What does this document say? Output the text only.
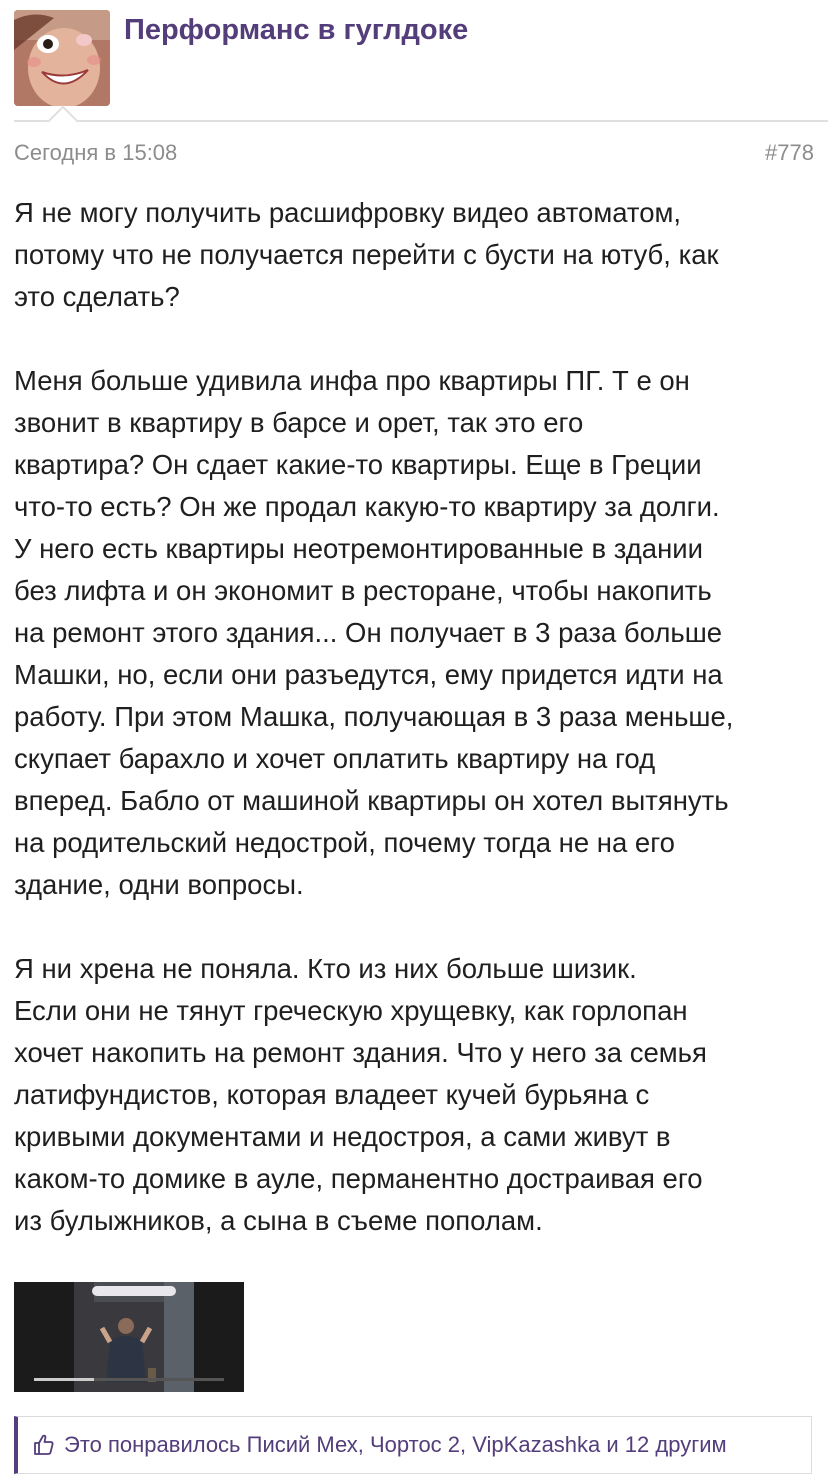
Перформанс в гуглдоке
Сегодня в 15:08	#778

Я не могу получить расшифровку видео автоматом,
потому что не получается перейти с бусти на ютуб, как
это сделать?

Меня больше удивила инфа про квартиры ПГ. Т е он
звонит в квартиру в барсе и орет, так это его
квартира? Он сдает какие-то квартиры. Еще в Греции
что-то есть? Он же продал какую-то квартиру за долги.
У него есть квартиры неотремонтированные в здании
без лифта и он экономит в ресторане, чтобы накопить
на ремонт этого здания... Он получает в 3 раза больше
Машки, но, если они разъедутся, ему придется идти на
работу. При этом Машка, получающая в 3 раза меньше,
скупает барахло и хочет оплатить квартиру на год
вперед. Бабло от машиной квартиры он хотел вытянуть
на родительский недострой, почему тогда не на его
здание, одни вопросы.

Я ни хрена не поняла. Кто из них больше шизик.
Если они не тянут греческую хрущевку, как горлопан
хочет накопить на ремонт здания. Что у него за семья
латифундистов, которая владеет кучей бурьяна с
кривыми документами и недостроя, а сами живут в
каком-то домике в ауле, перманентно достраивая его
из булыжников, а сына в съеме пополам.

Это понравилось Писий Мех, Чортос 2, VipKazashka и 12 другим
